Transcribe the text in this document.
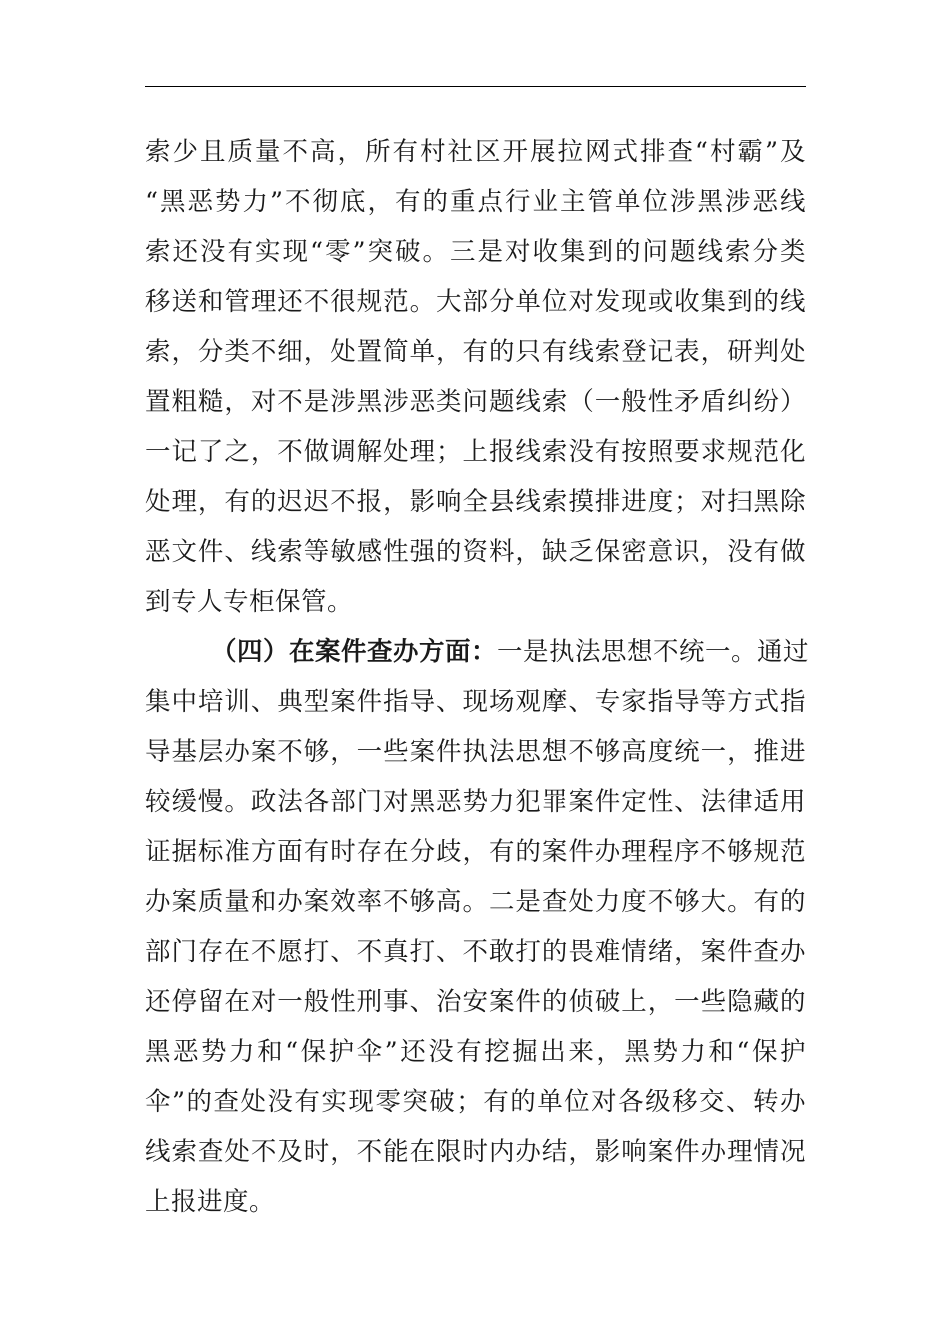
索少且质量不高，所有村社区开展拉网式排查“村霸”及
“黑恶势力”不彻底，有的重点行业主管单位涉黑涉恶线
索还没有实现“零”突破。三是对收集到的问题线索分类
移送和管理还不很规范。大部分单位对发现或收集到的线
索，分类不细，处置简单，有的只有线索登记表，研判处
置粗糙，对不是涉黑涉恶类问题线索（一般性矛盾纠纷）
一记了之，不做调解处理；上报线索没有按照要求规范化
处理，有的迟迟不报，影响全县线索摸排进度；对扫黑除
恶文件、线索等敏感性强的资料，缺乏保密意识，没有做
到专人专柜保管。
（四）在案件查办方面：一是执法思想不统一。通过
集中培训、典型案件指导、现场观摩、专家指导等方式指
导基层办案不够，一些案件执法思想不够高度统一，推进
较缓慢。政法各部门对黑恶势力犯罪案件定性、法律适用
证据标准方面有时存在分歧，有的案件办理程序不够规范
办案质量和办案效率不够高。二是查处力度不够大。有的
部门存在不愿打、不真打、不敢打的畏难情绪，案件查办
还停留在对一般性刑事、治安案件的侦破上，一些隐藏的
黑恶势力和“保护伞”还没有挖掘出来，黑势力和“保护
伞”的查处没有实现零突破；有的单位对各级移交、转办
线索查处不及时，不能在限时内办结，影响案件办理情况
上报进度。
